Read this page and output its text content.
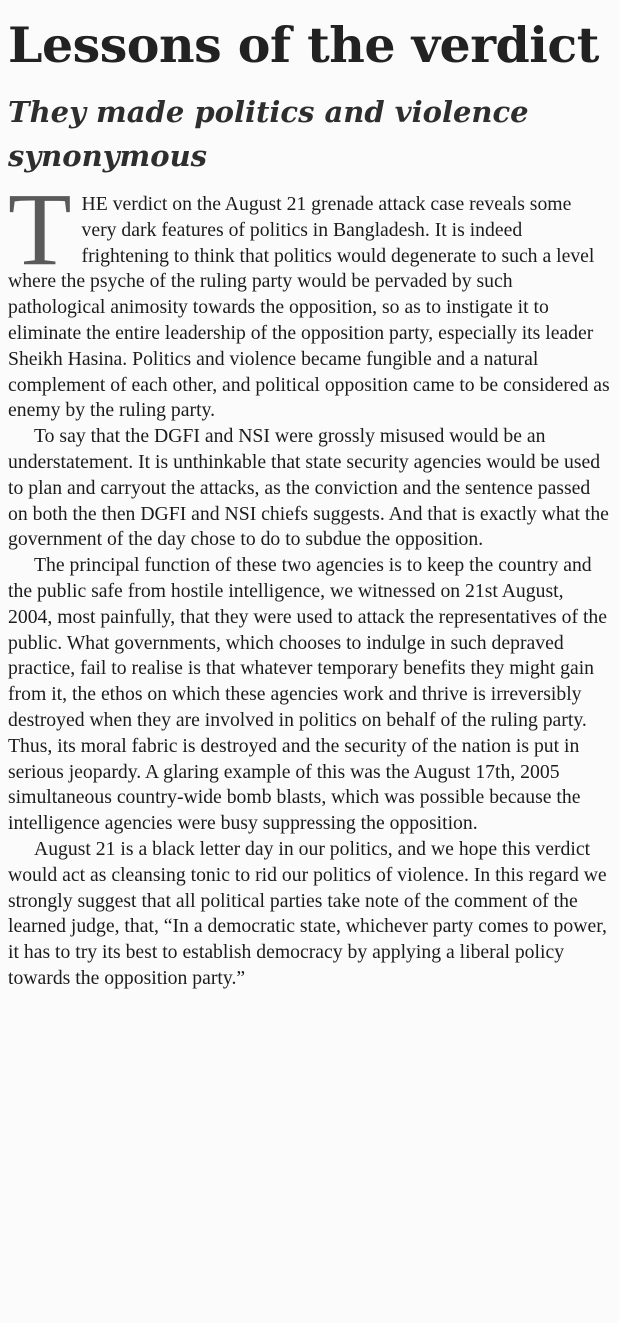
Lessons of the verdict
They made politics and violence synonymous

THE verdict on the August 21 grenade attack case reveals some very dark features of politics in Bangladesh. It is indeed frightening to think that politics would degenerate to such a level where the psyche of the ruling party would be pervaded by such pathological animosity towards the opposition, so as to instigate it to eliminate the entire leadership of the opposition party, especially its leader Sheikh Hasina. Politics and violence became fungible and a natural complement of each other, and political opposition came to be considered as enemy by the ruling party.

To say that the DGFI and NSI were grossly misused would be an understatement. It is unthinkable that state security agencies would be used to plan and carryout the attacks, as the conviction and the sentence passed on both the then DGFI and NSI chiefs suggests. And that is exactly what the government of the day chose to do to subdue the opposition.

The principal function of these two agencies is to keep the country and the public safe from hostile intelligence, we witnessed on 21st August, 2004, most painfully, that they were used to attack the representatives of the public. What governments, which chooses to indulge in such depraved practice, fail to realise is that whatever temporary benefits they might gain from it, the ethos on which these agencies work and thrive is irreversibly destroyed when they are involved in politics on behalf of the ruling party. Thus, its moral fabric is destroyed and the security of the nation is put in serious jeopardy. A glaring example of this was the August 17th, 2005 simultaneous country-wide bomb blasts, which was possible because the intelligence agencies were busy suppressing the opposition.

August 21 is a black letter day in our politics, and we hope this verdict would act as cleansing tonic to rid our politics of violence. In this regard we strongly suggest that all political parties take note of the comment of the learned judge, that, “In a democratic state, whichever party comes to power, it has to try its best to establish democracy by applying a liberal policy towards the opposition party.”
